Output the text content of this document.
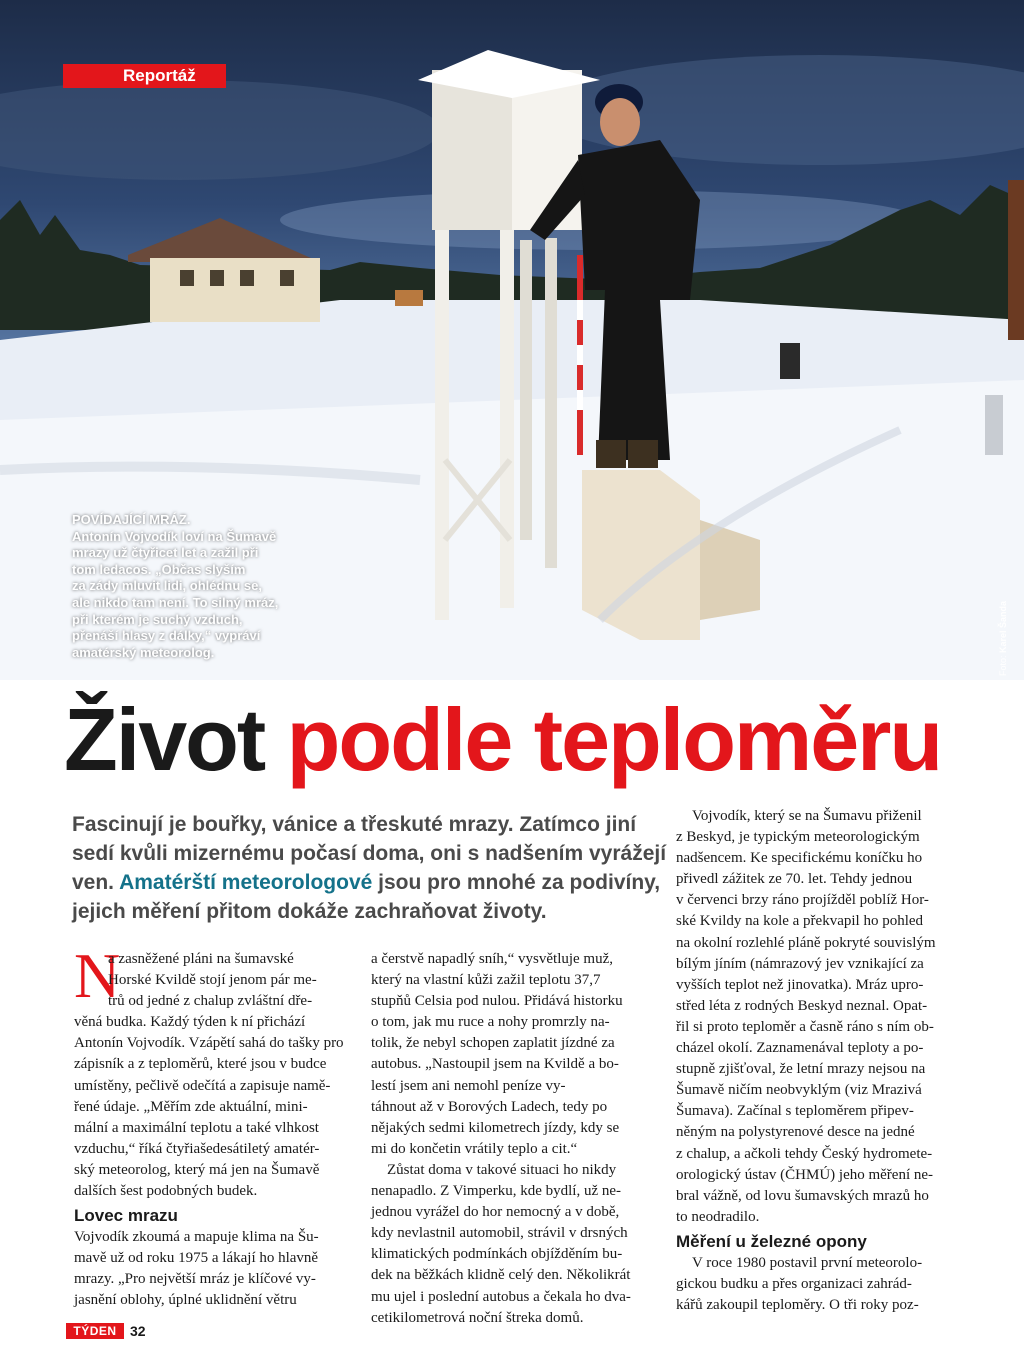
Reportáž
POVÍDAJÍCÍ MRÁZ.
Antonín Vojvodík loví na Šumavě
mrazy už čtyřicet let a zažil při
tom ledacos. „Občas slyším
za zády mluvit lidi, ohlédnu se,
ale nikdo tam není. To silný mráz,
při kterém je suchý vzduch,
přenáší hlasy z dálky,“ vypráví
amatérský meteorolog.
Foto: Karel Šanda
Život podle teploměru
Fascinují je bouřky, vánice a třeskuté mrazy. Zatímco jiní
sedí kvůli mizernému počasí doma, oni s nadšením vyrážejí
ven. Amatérští meteorologové jsou pro mnohé za podivíny,
jejich měření přitom dokáže zachraňovat životy.
N
a zasněžené pláni na šumavské
Horské Kvildě stojí jenom pár me-
trů od jedné z chalup zvláštní dře-
věná budka. Každý týden k ní přichází
Antonín Vojvodík. Vzápětí sahá do tašky pro
zápisník a z teploměrů, které jsou v budce
umístěny, pečlivě odečítá a zapisuje namě-
řené údaje. „Měřím zde aktuální, mini-
mální a maximální teplotu a také vlhkost
vzduchu,“ říká čtyřiašedesátiletý amatér-
ský meteorolog, který má jen na Šumavě
dalších šest podobných budek.
Lovec mrazu
Vojvodík zkoumá a mapuje klima na Šu-
mavě už od roku 1975 a lákají ho hlavně
mrazy. „Pro největší mráz je klíčové vy-
jasnění oblohy, úplné uklidnění větru
a čerstvě napadlý sníh,“ vysvětluje muž,
který na vlastní kůži zažil teplotu 37,7
stupňů Celsia pod nulou. Přidává historku
o tom, jak mu ruce a nohy promrzly na-
tolik, že nebyl schopen zaplatit jízdné za
autobus. „Nastoupil jsem na Kvildě a bo-
lestí jsem ani nemohl peníze vy-
táhnout až v Borových Ladech, tedy po
nějakých sedmi kilometrech jízdy, kdy se
mi do končetin vrátily teplo a cit.“
Zůstat doma v takové situaci ho nikdy
nenapadlo. Z Vimperku, kde bydlí, už ne-
jednou vyrážel do hor nemocný a v době,
kdy nevlastnil automobil, strávil v drsných
klimatických podmínkách objížděním bu-
dek na běžkách klidně celý den. Několikrát
mu ujel i poslední autobus a čekala ho dva-
cetikilometrová noční štreka domů.
Vojvodík, který se na Šumavu přiženil
z Beskyd, je typickým meteorologickým
nadšencem. Ke specifickému koníčku ho
přivedl zážitek ze 70. let. Tehdy jednou
v červenci brzy ráno projížděl poblíž Hor-
ské Kvildy na kole a překvapil ho pohled
na okolní rozlehlé pláně pokryté souvislým
bílým jíním (námrazový jev vznikající za
vyšších teplot než jinovatka). Mráz upro-
střed léta z rodných Beskyd neznal. Opat-
řil si proto teploměr a časně ráno s ním ob-
cházel okolí. Zaznamenával teploty a po-
stupně zjišťoval, že letní mrazy nejsou na
Šumavě ničím neobvyklým (viz Mrazivá
Šumava). Začínal s teploměrem připev-
něným na polystyrenové desce na jedné
z chalup, a ačkoli tehdy Český hydromete-
orologický ústav (ČHMÚ) jeho měření ne-
bral vážně, od lovu šumavských mrazů ho
to neodradilo.
Měření u železné opony
V roce 1980 postavil první meteorolo-
gickou budku a přes organizaci zahrád-
kářů zakoupil teploměry. O tři roky poz-
TÝDEN 32
